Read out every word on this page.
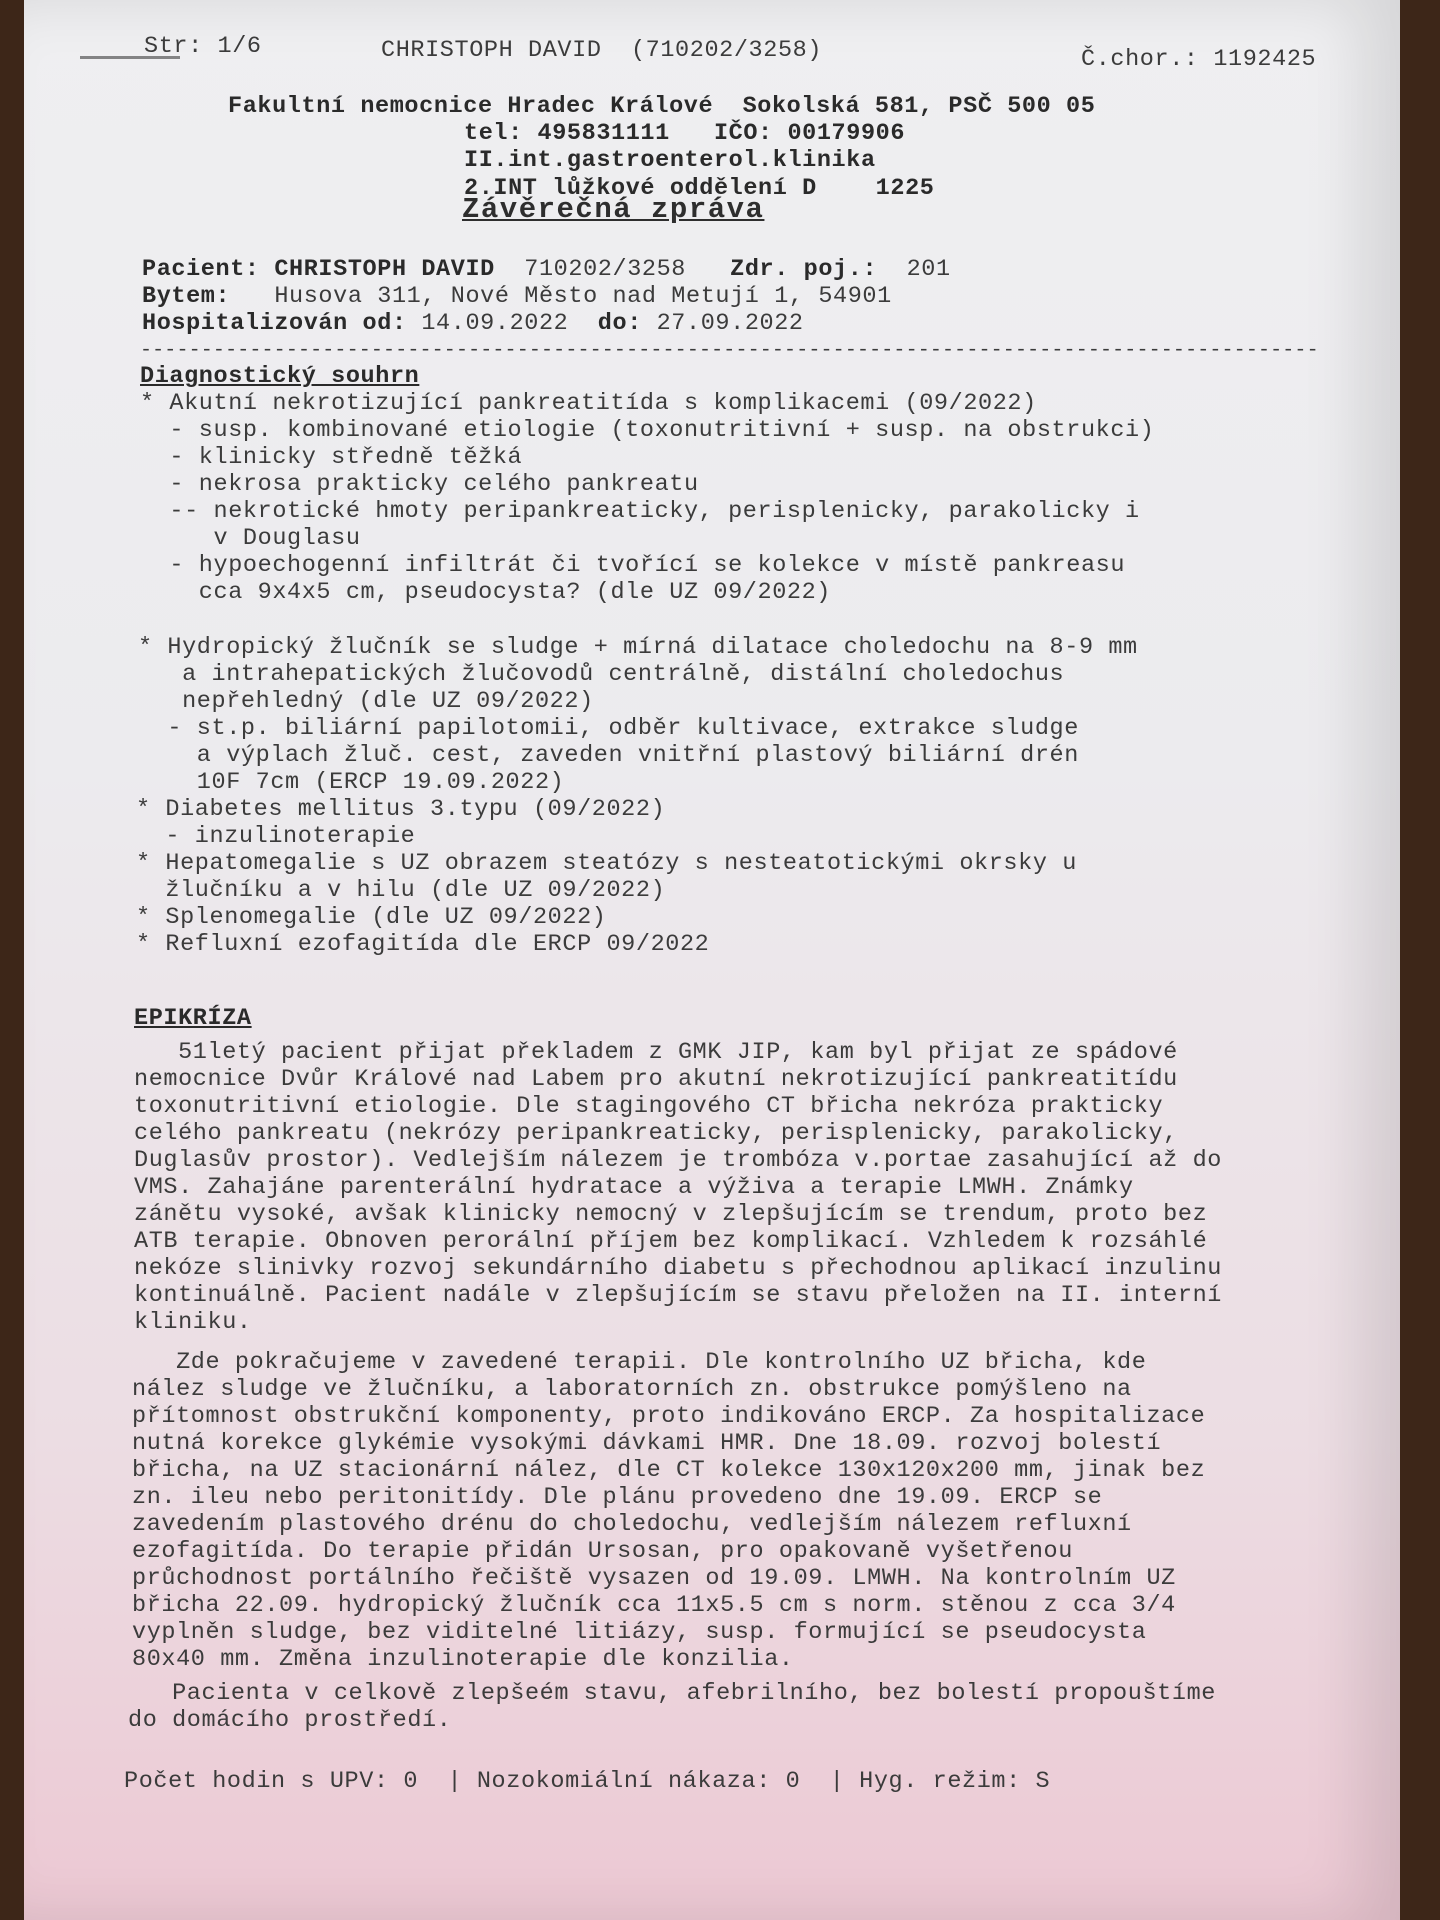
Str: 1/6	CHRISTOPH DAVID  (710202/3258)	Č.chor.: 1192425
Fakultní nemocnice Hradec Králové  Sokolská 581, PSČ 500 05
tel: 495831111   IČO: 00179906
II.int.gastroenterol.klinika
2.INT lůžkové oddělení D    1225
Závěrečná zpráva
Pacient: CHRISTOPH DAVID 710202/3258 Zdr. poj.: 201
Bytem: Husova 311, Nové Město nad Metují 1, 54901
Hospitalizován od: 14.09.2022 do: 27.09.2022
-------------------------------------------------------------------------------------------------
Diagnostický souhrn
* Akutní nekrotizující pankreatitída s komplikacemi (09/2022)
- susp. kombinované etiologie (toxonutritivní + susp. na obstrukci)
- klinicky středně těžká
- nekrosa prakticky celého pankreatu
-- nekrotické hmoty peripankreaticky, perisplenicky, parakolicky i
v Douglasu
- hypoechogenní infiltrát či tvořící se kolekce v místě pankreasu
cca 9x4x5 cm, pseudocysta? (dle UZ 09/2022)
* Hydropický žlučník se sludge + mírná dilatace choledochu na 8-9 mm
a intrahepatických žlučovodů centrálně, distální choledochus
nepřehledný (dle UZ 09/2022)
- st.p. biliární papilotomii, odběr kultivace, extrakce sludge
a výplach žluč. cest, zaveden vnitřní plastový biliární drén
10F 7cm (ERCP 19.09.2022)
* Diabetes mellitus 3.typu (09/2022)
- inzulinoterapie
* Hepatomegalie s UZ obrazem steatózy s nesteatotickými okrsky u
žlučníku a v hilu (dle UZ 09/2022)
* Splenomegalie (dle UZ 09/2022)
* Refluxní ezofagitída dle ERCP 09/2022
EPIKRÍZA
51letý pacient přijat překladem z GMK JIP, kam byl přijat ze spádové
nemocnice Dvůr Králové nad Labem pro akutní nekrotizující pankreatitídu
toxonutritivní etiologie. Dle stagingového CT břicha nekróza prakticky
celého pankreatu (nekrózy peripankreaticky, perisplenicky, parakolicky,
Duglasův prostor). Vedlejším nálezem je trombóza v.portae zasahující až do
VMS. Zahajáne parenterální hydratace a výživa a terapie LMWH. Známky
zánětu vysoké, avšak klinicky nemocný v zlepšujícím se trendum, proto bez
ATB terapie. Obnoven perorální příjem bez komplikací. Vzhledem k rozsáhlé
nekóze slinivky rozvoj sekundárního diabetu s přechodnou aplikací inzulinu
kontinuálně. Pacient nadále v zlepšujícím se stavu přeložen na II. interní
kliniku.
Zde pokračujeme v zavedené terapii. Dle kontrolního UZ břicha, kde
nález sludge ve žlučníku, a laboratorních zn. obstrukce pomýšleno na
přítomnost obstrukční komponenty, proto indikováno ERCP. Za hospitalizace
nutná korekce glykémie vysokými dávkami HMR. Dne 18.09. rozvoj bolestí
břicha, na UZ stacionární nález, dle CT kolekce 130x120x200 mm, jinak bez
zn. ileu nebo peritonitídy. Dle plánu provedeno dne 19.09. ERCP se
zavedením plastového drénu do choledochu, vedlejším nálezem refluxní
ezofagitída. Do terapie přidán Ursosan, pro opakovaně vyšetřenou
průchodnost portálního řečiště vysazen od 19.09. LMWH. Na kontrolním UZ
břicha 22.09. hydropický žlučník cca 11x5.5 cm s norm. stěnou z cca 3/4
vyplněn sludge, bez viditelné litiázy, susp. formující se pseudocysta
80x40 mm. Změna inzulinoterapie dle konzilia.
Pacienta v celkově zlepšeém stavu, afebrilního, bez bolestí propouštíme
do domácího prostředí.
Počet hodin s UPV: 0  | Nozokomiální nákaza: 0  | Hyg. režim: S
